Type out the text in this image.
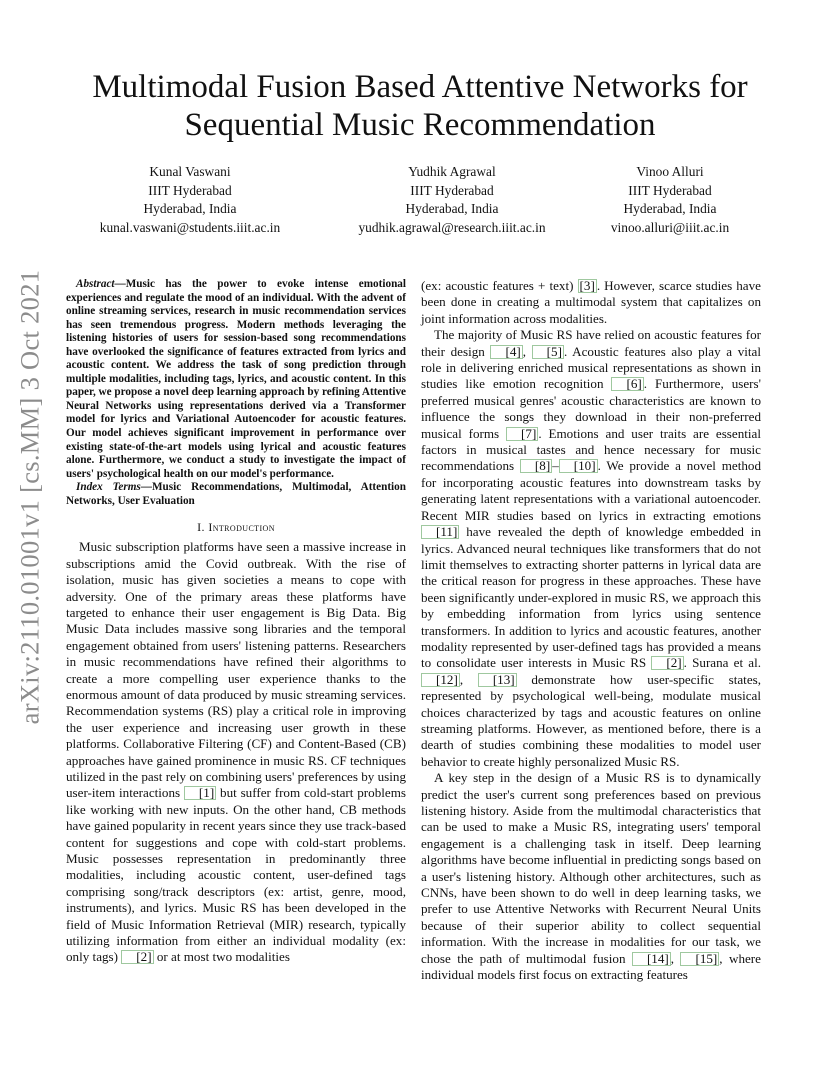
arXiv:2110.01001v1 [cs.MM] 3 Oct 2021
Multimodal Fusion Based Attentive Networks for Sequential Music Recommendation
Kunal Vaswani
IIIT Hyderabad
Hyderabad, India
kunal.vaswani@students.iiit.ac.in
Yudhik Agrawal
IIIT Hyderabad
Hyderabad, India
yudhik.agrawal@research.iiit.ac.in
Vinoo Alluri
IIIT Hyderabad
Hyderabad, India
vinoo.alluri@iiit.ac.in

Abstract—Music has the power to evoke intense emotional experiences and regulate the mood of an individual. With the advent of online streaming services, research in music recommendation services has seen tremendous progress. Modern methods leveraging the listening histories of users for session-based song recommendations have overlooked the significance of features extracted from lyrics and acoustic content. We address the task of song prediction through multiple modalities, including tags, lyrics, and acoustic content. In this paper, we propose a novel deep learning approach by refining Attentive Neural Networks using representations derived via a Transformer model for lyrics and Variational Autoencoder for acoustic features. Our model achieves significant improvement in performance over existing state-of-the-art models using lyrical and acoustic features alone. Furthermore, we conduct a study to investigate the impact of users' psychological health on our model's performance.

Index Terms—Music Recommendations, Multimodal, Attention Networks, User Evaluation

I. Introduction

Music subscription platforms have seen a massive increase in subscriptions amid the Covid outbreak. With the rise of isolation, music has given societies a means to cope with adversity. One of the primary areas these platforms have targeted to enhance their user engagement is Big Data. Big Music Data includes massive song libraries and the temporal engagement obtained from users' listening patterns. Researchers in music recommendations have refined their algorithms to create a more compelling user experience thanks to the enormous amount of data produced by music streaming services. Recommendation systems (RS) play a critical role in improving the user experience and increasing user growth in these platforms. Collaborative Filtering (CF) and Content-Based (CB) approaches have gained prominence in music RS. CF techniques utilized in the past rely on combining users' preferences by using user-item interactions [1] but suffer from cold-start problems like working with new inputs. On the other hand, CB methods have gained popularity in recent years since they use track-based content for suggestions and cope with cold-start problems. Music possesses representation in predominantly three modalities, including acoustic content, user-defined tags comprising song/track descriptors (ex: artist, genre, mood, instruments), and lyrics. Music RS has been developed in the field of Music Information Retrieval (MIR) research, typically utilizing information from either an individual modality (ex: only tags) [2] or at most two modalities

(ex: acoustic features + text) [3] . However, scarce studies have been done in creating a multimodal system that capitalizes on joint information across modalities.

The majority of Music RS have relied on acoustic features for their design [4] , [5] . Acoustic features also play a vital role in delivering enriched musical representations as shown in studies like emotion recognition [6] . Furthermore, users' preferred musical genres' acoustic characteristics are known to influence the songs they download in their non-preferred musical forms [7] . Emotions and user traits are essential factors in musical tastes and hence necessary for music recommendations [8] – [10] . We provide a novel method for incorporating acoustic features into downstream tasks by generating latent representations with a variational autoencoder. Recent MIR studies based on lyrics in extracting emotions [11] have revealed the depth of knowledge embedded in lyrics. Advanced neural techniques like transformers that do not limit themselves to extracting shorter patterns in lyrical data are the critical reason for progress in these approaches. These have been significantly under-explored in music RS, we approach this by embedding information from lyrics using sentence transformers. In addition to lyrics and acoustic features, another modality represented by user-defined tags has provided a means to consolidate user interests in Music RS [2] . Surana et al. [12] , [13] demonstrate how user-specific states, represented by psychological well-being, modulate musical choices characterized by tags and acoustic features on online streaming platforms. However, as mentioned before, there is a dearth of studies combining these modalities to model user behavior to create highly personalized Music RS.

A key step in the design of a Music RS is to dynamically predict the user's current song preferences based on previous listening history. Aside from the multimodal characteristics that can be used to make a Music RS, integrating users' temporal engagement is a challenging task in itself. Deep learning algorithms have become influential in predicting songs based on a user's listening history. Although other architectures, such as CNNs, have been shown to do well in deep learning tasks, we prefer to use Attentive Networks with Recurrent Neural Units because of their superior ability to collect sequential information. With the increase in modalities for our task, we chose the path of multimodal fusion [14] , [15] , where individual models first focus on extracting features
